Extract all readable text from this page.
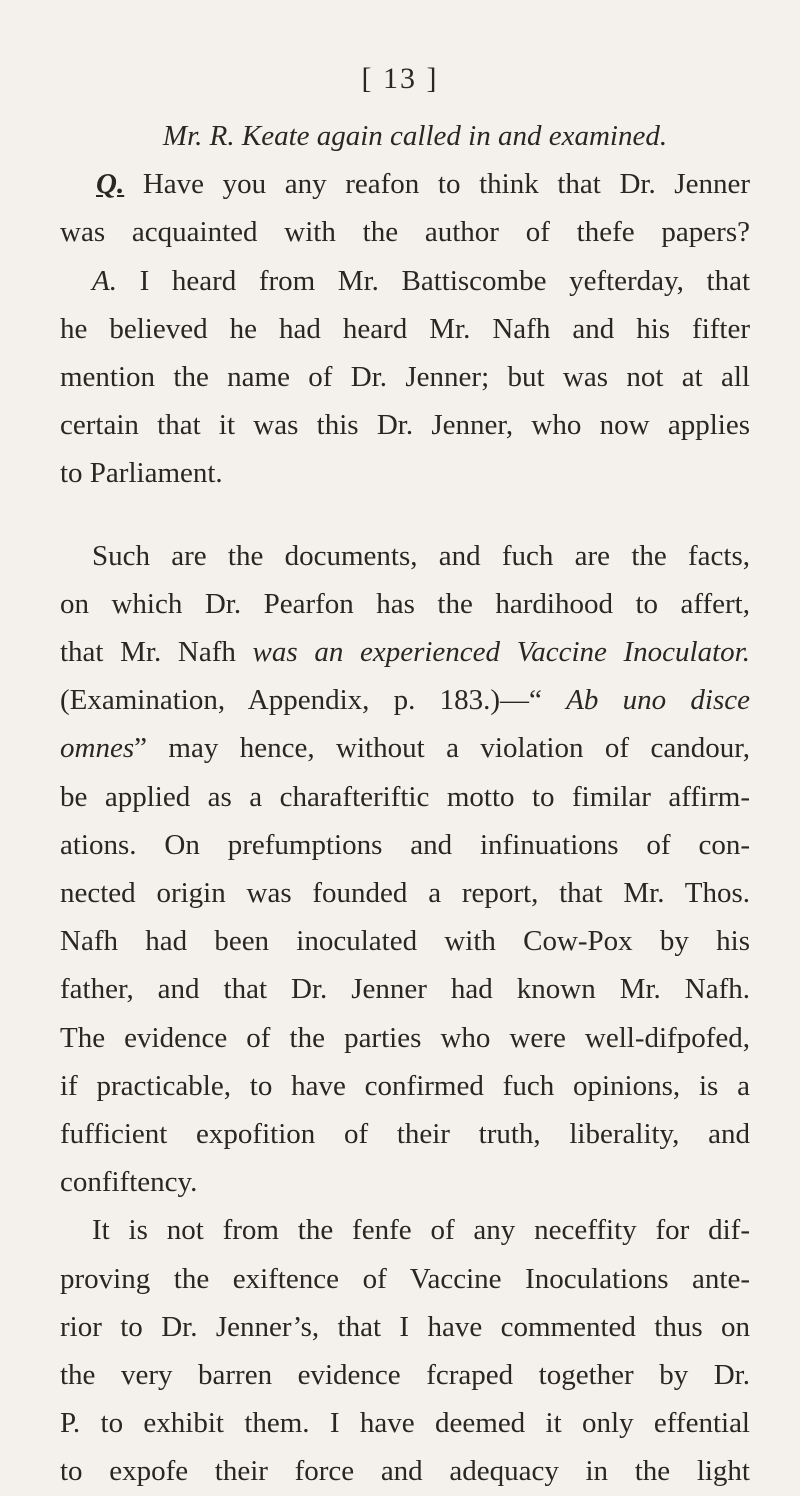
[ 13 ]
Mr. R. Keate again called in and examined.
Q. Have you any reafon to think that Dr. Jenner
was acquainted with the author of thefe papers?
A. I heard from Mr. Battiscombe yefterday, that
he believed he had heard Mr. Nafh and his fifter
mention the name of Dr. Jenner; but was not at all
certain that it was this Dr. Jenner, who now applies
to Parliament.
Such are the documents, and fuch are the facts,
on which Dr. Pearfon has the hardihood to affert,
that Mr. Nafh was an experienced Vaccine Inoculator.
(Examination, Appendix, p. 183.)—“ Ab uno disce
omnes” may hence, without a violation of candour,
be applied as a charafteriftic motto to fimilar affirm-
ations. On prefumptions and infinuations of con-
nected origin was founded a report, that Mr. Thos.
Nafh had been inoculated with Cow-Pox by his
father, and that Dr. Jenner had known Mr. Nafh.
The evidence of the parties who were well-difpofed,
if practicable, to have confirmed fuch opinions, is a
fufficient expofition of their truth, liberality, and
confiftency.
It is not from the fenfe of any neceffity for dif-
proving the exiftence of Vaccine Inoculations ante-
rior to Dr. Jenner’s, that I have commented thus on
the very barren evidence fcraped together by Dr.
P. to exhibit them. I have deemed it only effential
to expofe their force and adequacy in the light
